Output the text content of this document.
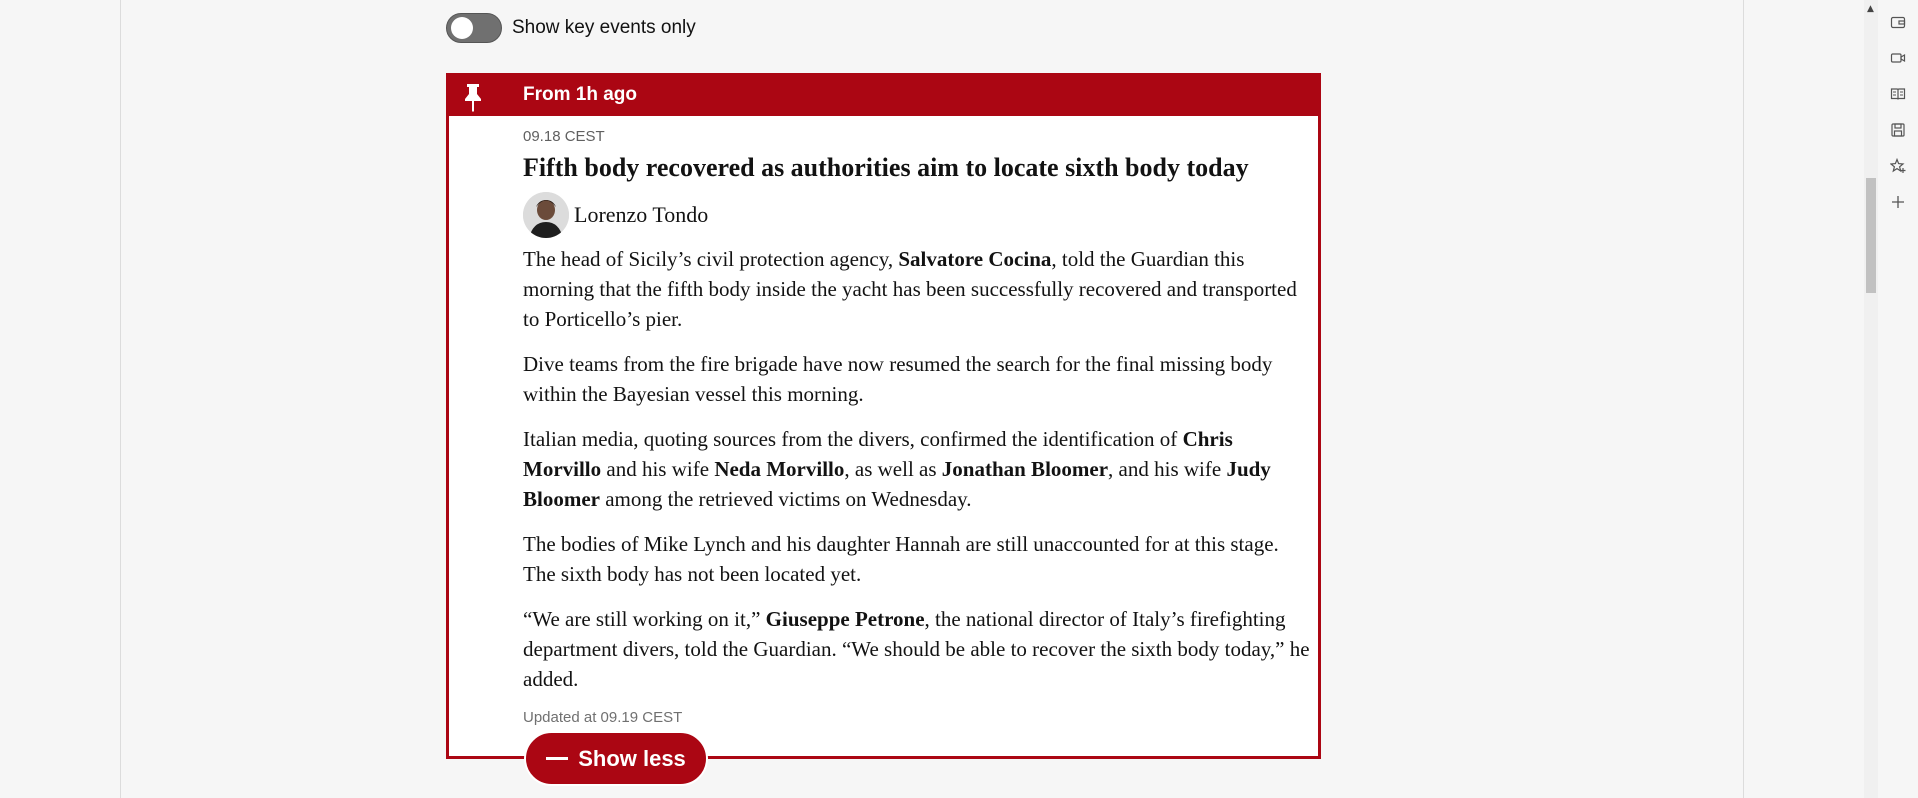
Show key events only
From 1h ago
09.18 CEST
Fifth body recovered as authorities aim to locate sixth body today
Lorenzo Tondo

The head of Sicily’s civil protection agency, Salvatore Cocina, told the Guardian this morning that the fifth body inside the yacht has been successfully recovered and transported to Porticello’s pier.

Dive teams from the fire brigade have now resumed the search for the final missing body within the Bayesian vessel this morning.

Italian media, quoting sources from the divers, confirmed the identification of Chris Morvillo and his wife Neda Morvillo, as well as Jonathan Bloomer, and his wife Judy Bloomer among the retrieved victims on Wednesday.

The bodies of Mike Lynch and his daughter Hannah are still unaccounted for at this stage. The sixth body has not been located yet.

“We are still working on it,” Giuseppe Petrone, the national director of Italy’s firefighting department divers, told the Guardian. “We should be able to recover the sixth body today,” he added.

Updated at 09.19 CEST
Show less
▲
